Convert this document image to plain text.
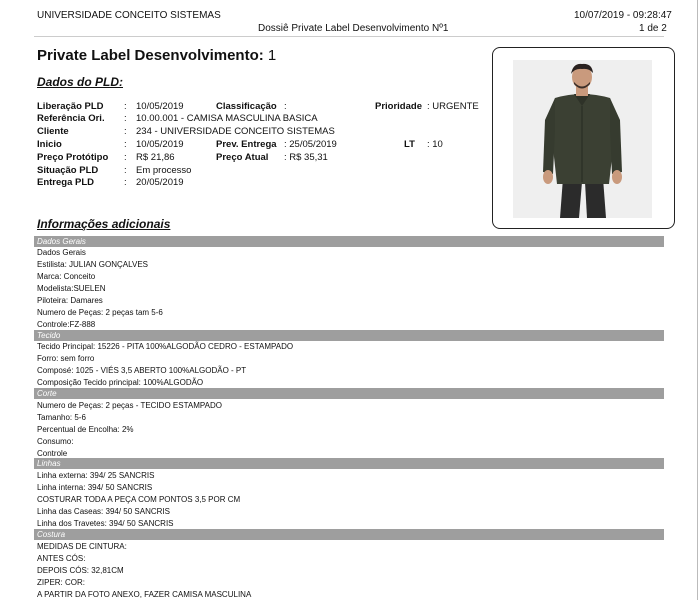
UNIVERSIDADE CONCEITO SISTEMAS	10/07/2019 - 09:28:47
Dossiê Private Label Desenvolvimento Nº1	1 de 2
Private Label Desenvolvimento: 1
Dados do PLD:
Liberação PLD : 10/05/2019	Classificação :	Prioridade : URGENTE
Referência Ori. : 10.00.001 - CAMISA MASCULINA BASICA
Cliente	: 234 - UNIVERSIDADE CONCEITO SISTEMAS
Inicio	: 10/05/2019	Prev. Entrega : 25/05/2019	LT : 10
Preço Protótipo : R$ 21,86	Preço Atual : R$ 35,31
Situação PLD	: Em processo
Entrega PLD	: 20/05/2019
Informações adicionais
Dados Gerais
Dados Gerais
Estilista: JULIAN GONÇALVES
Marca: Conceito
Modelista:SUELEN
Piloteira: Damares
Numero de Peças: 2 peças tam 5-6
Controle:FZ-888
Tecido
Tecido Principal: 15226 - PITA 100%ALGODÃO CEDRO - ESTAMPADO
Forro: sem forro
Composé: 1025 - VIÉS 3,5 ABERTO 100%ALGODÃO - PT
Composição Tecido principal: 100%ALGODÃO
Corte
Numero de Peças: 2 peças - TECIDO ESTAMPADO
Tamanho: 5-6
Percentual de Encolha: 2%
Consumo:
Controle
Linhas
Linha externa: 394/ 25 SANCRIS
Linha interna: 394/ 50 SANCRIS
COSTURAR TODA A PEÇA COM PONTOS 3,5 POR CM
Linha das Caseas: 394/ 50 SANCRIS
Linha dos Travetes: 394/ 50 SANCRIS
Costura
MEDIDAS DE CINTURA:
ANTES CÓS:
DEPOIS CÓS: 32,81CM
ZIPER: COR:
A PARTIR DA FOTO ANEXO, FAZER CAMISA MASCULINA
